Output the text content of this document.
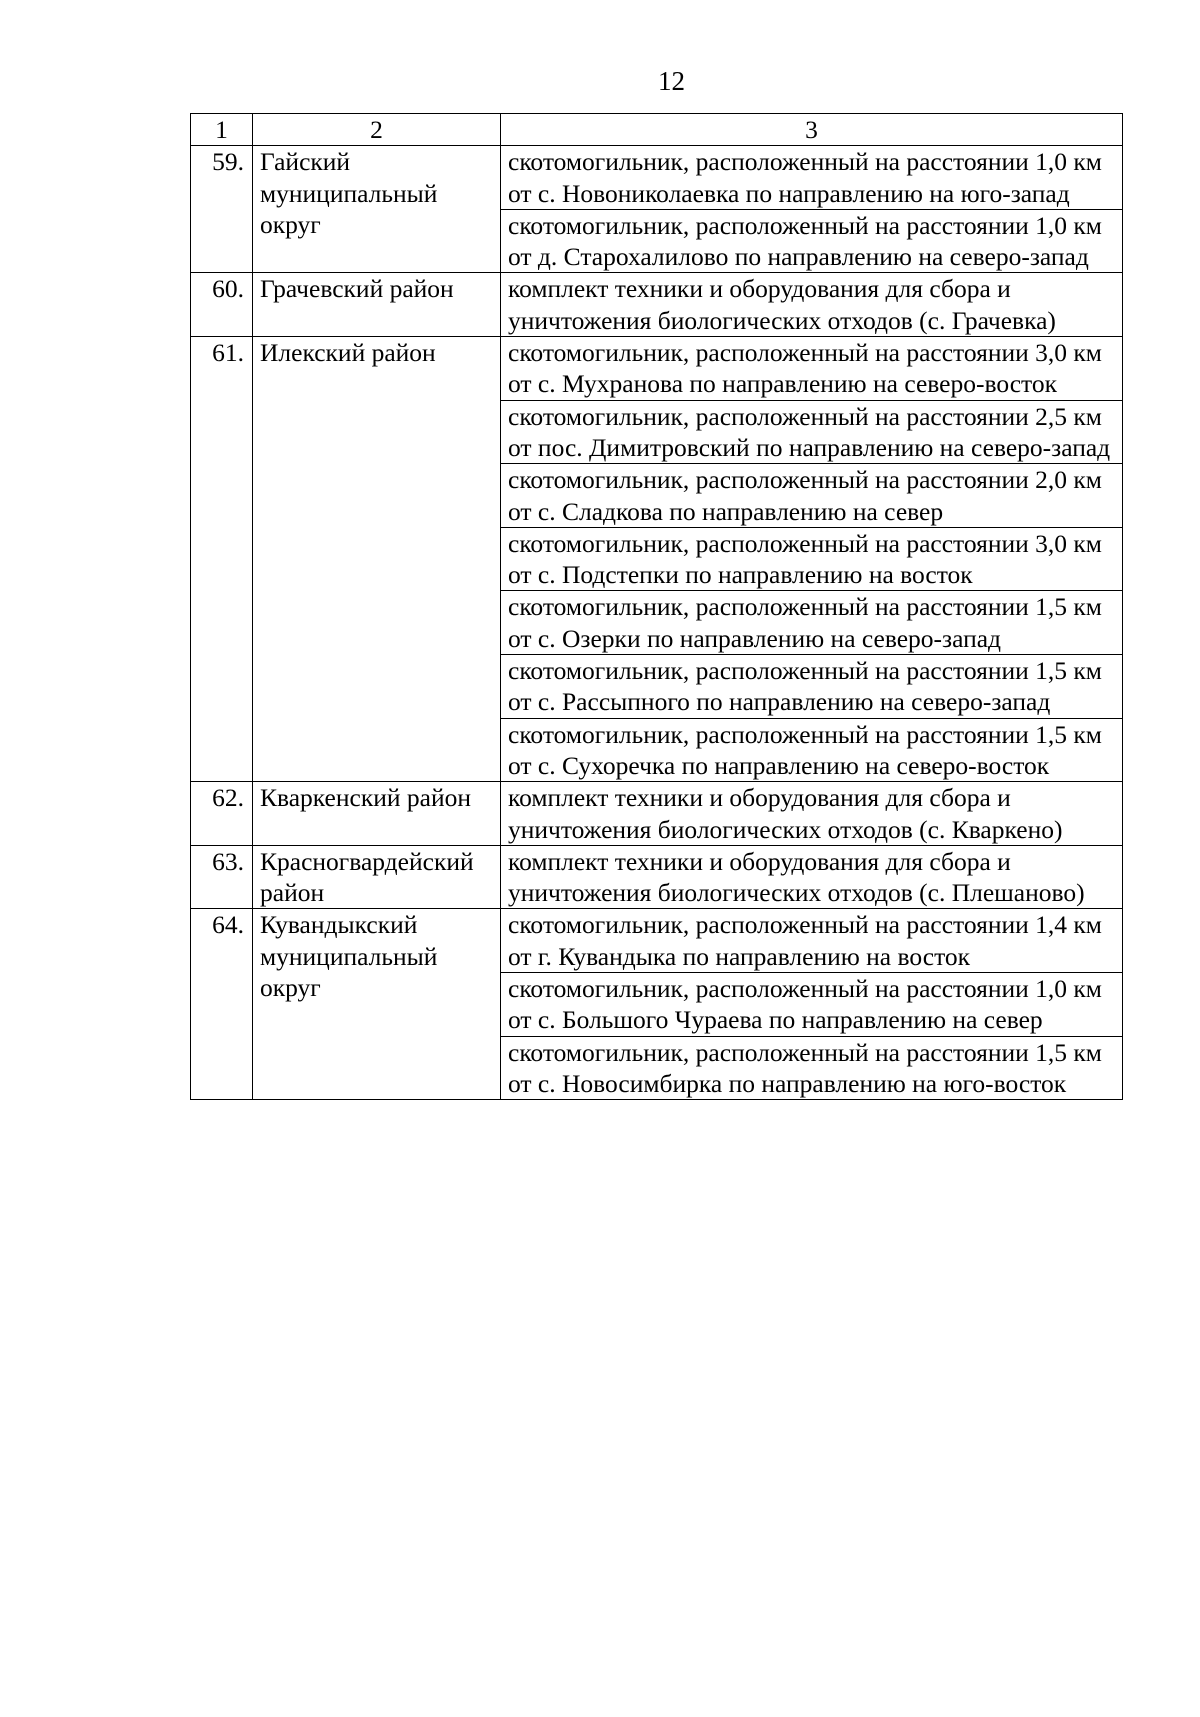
12
1	2	3
59.	Гайский муниципальный округ	скотомогильник, расположенный на расстоянии 1,0 км от с. Новониколаевка по направлению на юго-запад
		скотомогильник, расположенный на расстоянии 1,0 км от д. Старохалилово по направлению на северо-запад
60.	Грачевский район	комплект техники и оборудования для сбора и уничтожения биологических отходов (с. Грачевка)
61.	Илекский район	скотомогильник, расположенный на расстоянии 3,0 км от с. Мухранова по направлению на северо-восток
		скотомогильник, расположенный на расстоянии 2,5 км от пос. Димитровский по направлению на северо-запад
		скотомогильник, расположенный на расстоянии 2,0 км от с. Сладкова по направлению на север
		скотомогильник, расположенный на расстоянии 3,0 км от с. Подстепки по направлению на восток
		скотомогильник, расположенный на расстоянии 1,5 км от с. Озерки по направлению на северо-запад
		скотомогильник, расположенный на расстоянии 1,5 км от с. Рассыпного по направлению на северо-запад
		скотомогильник, расположенный на расстоянии 1,5 км от с. Сухоречка по направлению на северо-восток
62.	Кваркенский район	комплект техники и оборудования для сбора и уничтожения биологических отходов (с. Кваркено)
63.	Красногвардейский район	комплект техники и оборудования для сбора и уничтожения биологических отходов (с. Плешаново)
64.	Кувандыкский муниципальный округ	скотомогильник, расположенный на расстоянии 1,4 км от г. Кувандыка по направлению на восток
		скотомогильник, расположенный на расстоянии 1,0 км от с. Большого Чураева по направлению на север
		скотомогильник, расположенный на расстоянии 1,5 км от с. Новосимбирка по направлению на юго-восток
